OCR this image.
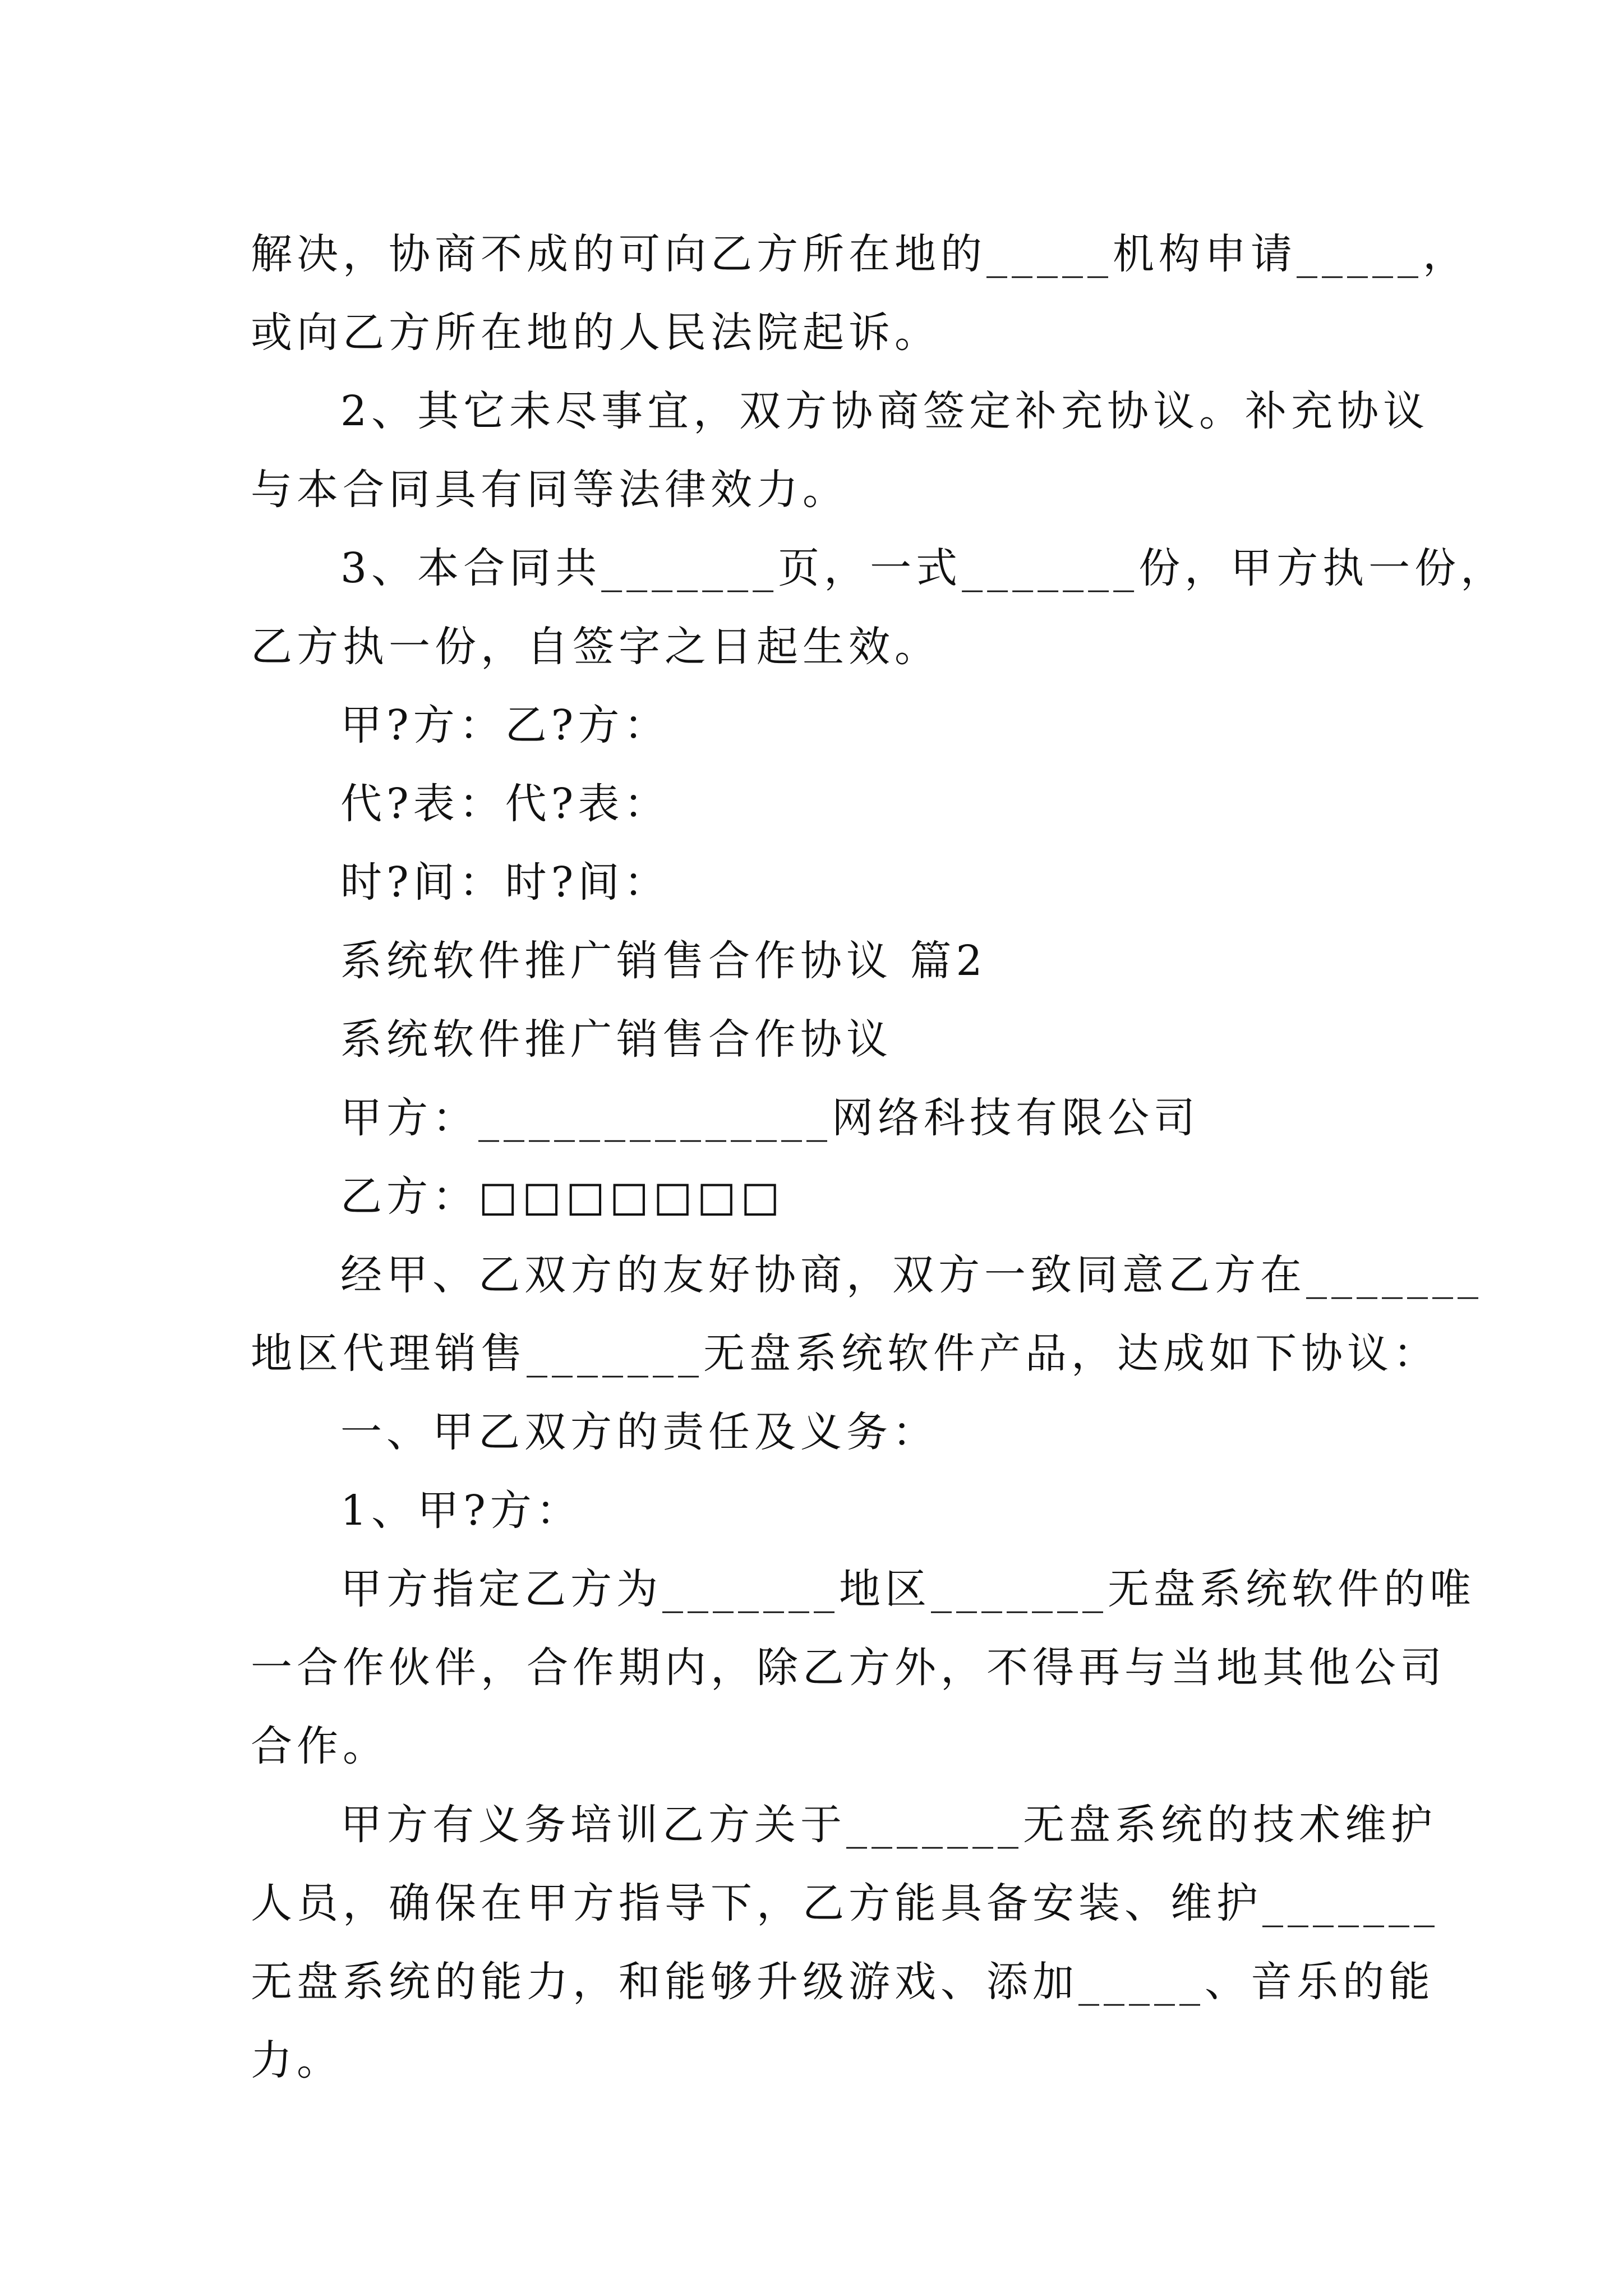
解决，协商不成的可向乙方所在地的_____机构申请_____，
或向乙方所在地的人民法院起诉。
2、其它未尽事宜，双方协商签定补充协议。补充协议
与本合同具有同等法律效力。
3、本合同共_______页，一式_______份，甲方执一份，
乙方执一份，自签字之日起生效。
甲?方：乙?方：
代?表：代?表：
时?间：时?间：
系统软件推广销售合作协议 篇2
系统软件推广销售合作协议
甲方：______________网络科技有限公司
乙方：□□□□□□□
经甲、乙双方的友好协商，双方一致同意乙方在_______
地区代理销售_______无盘系统软件产品，达成如下协议：
一、甲乙双方的责任及义务：
1、甲?方：
甲方指定乙方为_______地区_______无盘系统软件的唯
一合作伙伴，合作期内，除乙方外，不得再与当地其他公司
合作。
甲方有义务培训乙方关于_______无盘系统的技术维护
人员，确保在甲方指导下，乙方能具备安装、维护_______
无盘系统的能力，和能够升级游戏、添加_____、音乐的能
力。
